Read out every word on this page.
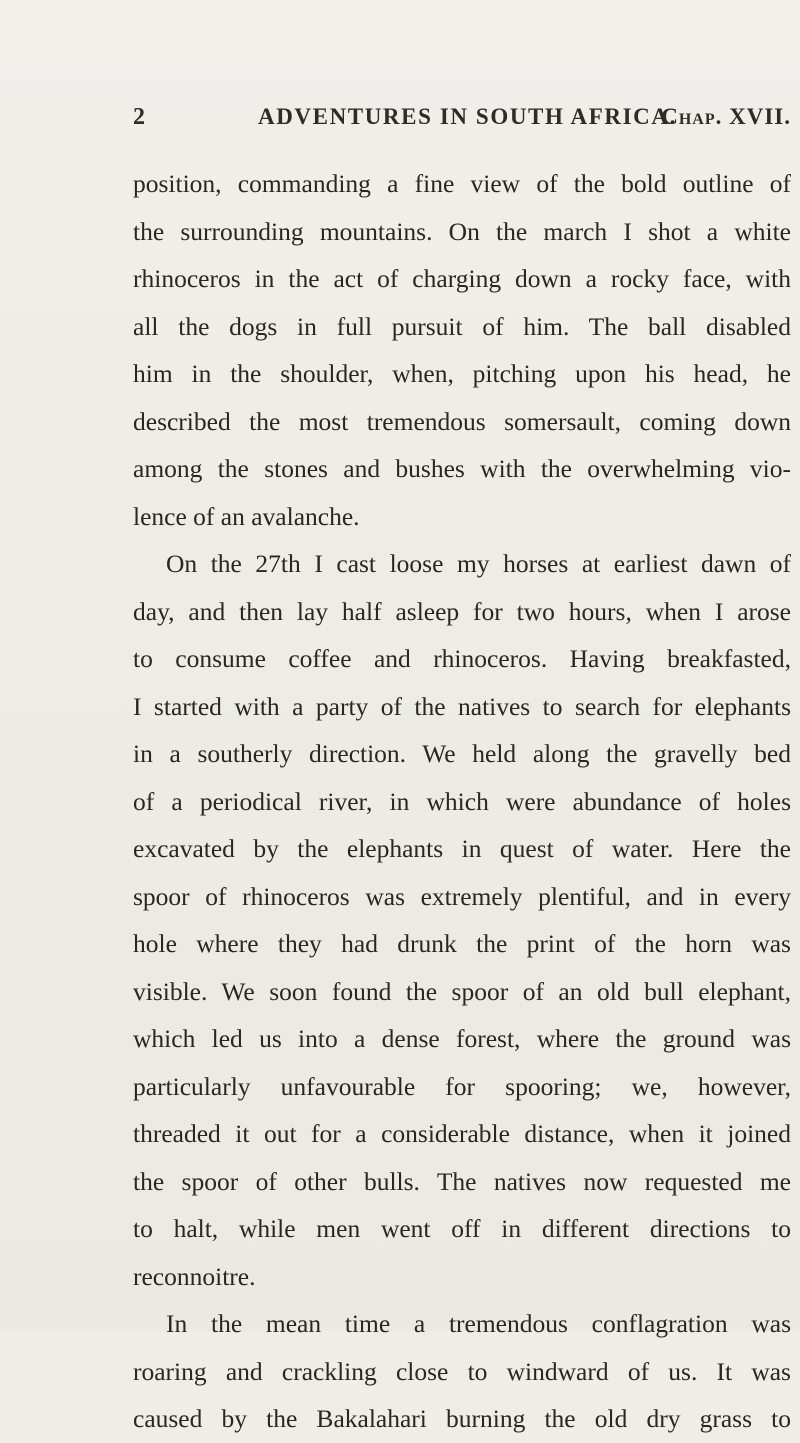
2	ADVENTURES IN SOUTH AFRICA.
Chap. XVII.
position, commanding a fine view of the bold outline of
the surrounding mountains. On the march I shot a white
rhinoceros in the act of charging down a rocky face, with
all the dogs in full pursuit of him. The ball disabled
him in the shoulder, when, pitching upon his head, he
described the most tremendous somersault, coming down
among the stones and bushes with the overwhelming vio-
lence of an avalanche.
On the 27th I cast loose my horses at earliest dawn of
day, and then lay half asleep for two hours, when I arose
to consume coffee and rhinoceros. Having breakfasted,
I started with a party of the natives to search for elephants
in a southerly direction. We held along the gravelly bed
of a periodical river, in which were abundance of holes
excavated by the elephants in quest of water. Here the
spoor of rhinoceros was extremely plentiful, and in every
hole where they had drunk the print of the horn was
visible. We soon found the spoor of an old bull elephant,
which led us into a dense forest, where the ground was
particularly unfavourable for spooring; we, however,
threaded it out for a considerable distance, when it joined
the spoor of other bulls. The natives now requested me
to halt, while men went off in different directions to
reconnoitre.
In the mean time a tremendous conflagration was
roaring and crackling close to windward of us. It was
caused by the Bakalahari burning the old dry grass to
